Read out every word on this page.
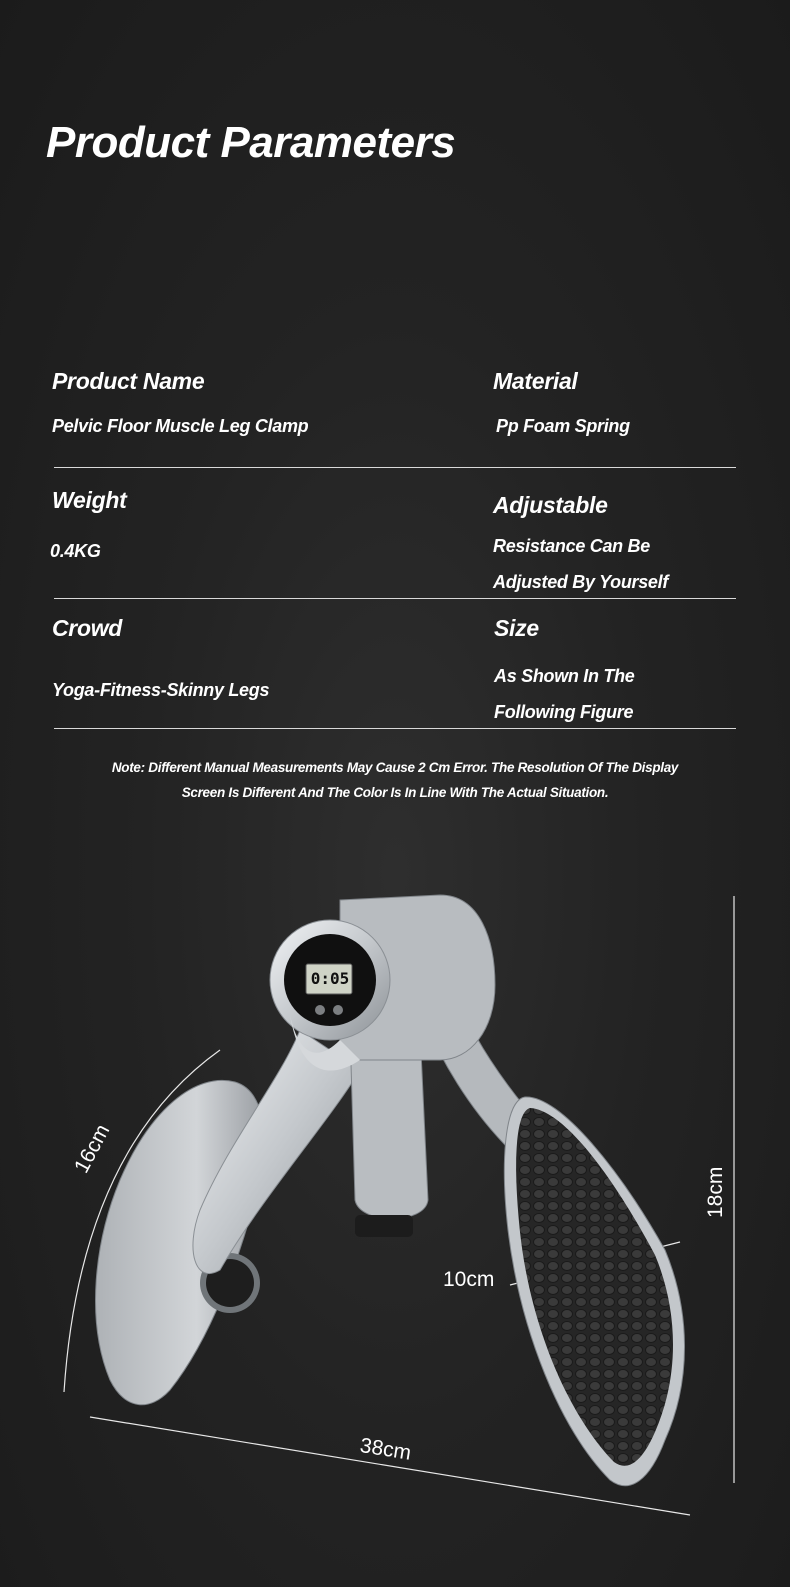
Product Parameters
Product Name
Pelvic Floor Muscle Leg Clamp
Material
Pp Foam Spring
Weight
0.4KG
Adjustable
Resistance Can Be
Adjusted By Yourself
Crowd
Yoga-Fitness-Skinny Legs
Size
As Shown In The
Following Figure
Note: Different Manual Measurements May Cause 2 Cm Error. The Resolution Of The Display
Screen Is Different And The Color Is In Line With The Actual Situation.
0:05
16cm
18cm
10cm
38cm
